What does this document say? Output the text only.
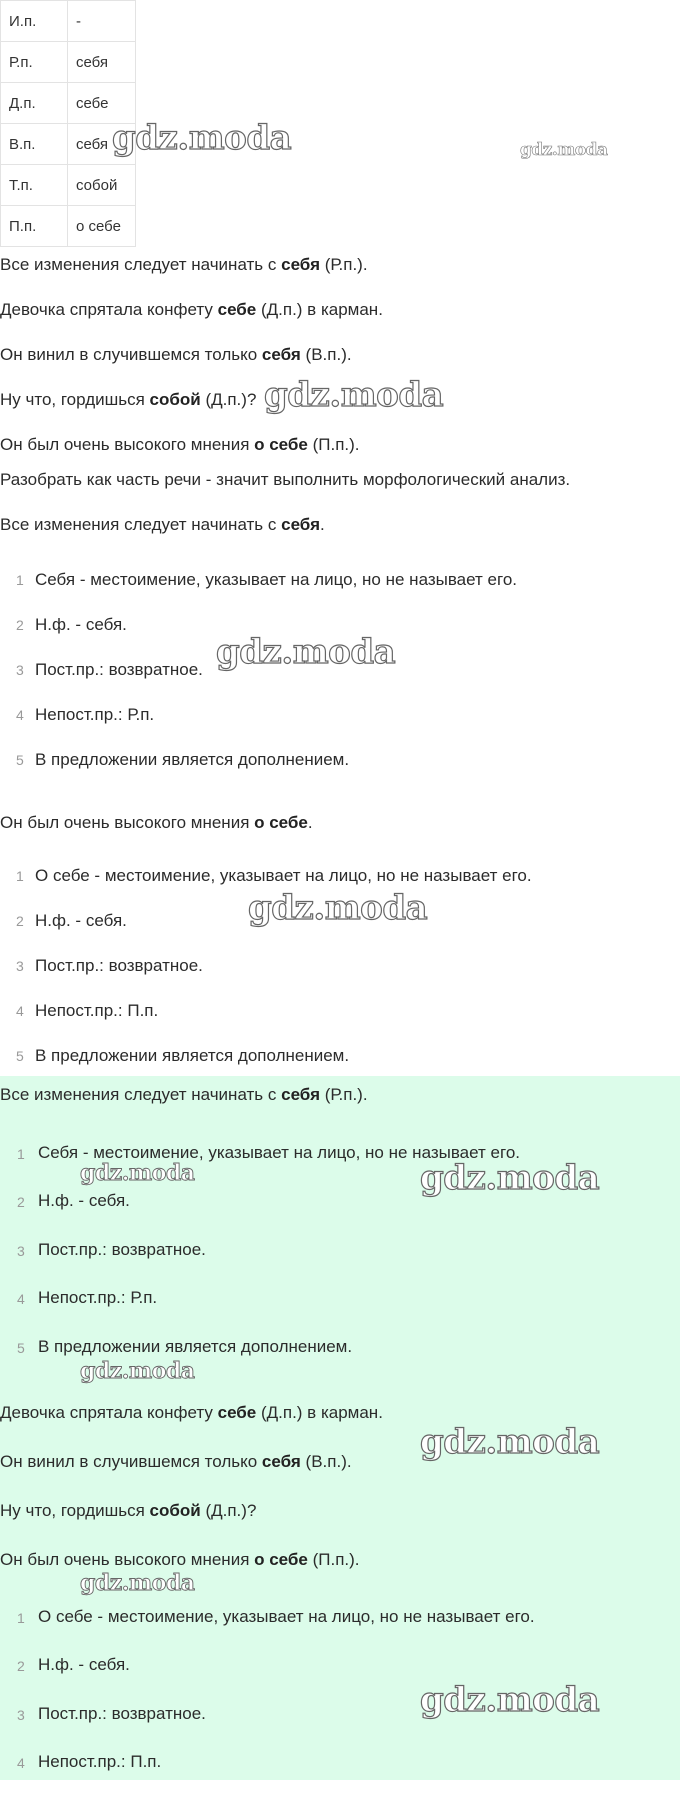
И.п.	-
Р.п.	себя
Д.п.	себе
В.п.	себя
Т.п.	собой
П.п.	о себе
Все изменения следует начинать с себя (Р.п.).
Девочка спрятала конфету себе (Д.п.) в карман.
Он винил в случившемся только себя (В.п.).
Ну что, гордишься собой (Д.п.)?
Он был очень высокого мнения о себе (П.п.).
Разобрать как часть речи - значит выполнить морфологический анализ.
Все изменения следует начинать с себя.
1 Себя - местоимение, указывает на лицо, но не называет его.
2 Н.ф. - себя.
3 Пост.пр.: возвратное.
4 Непост.пр.: Р.п.
5 В предложении является дополнением.
Он был очень высокого мнения о себе.
1 О себе - местоимение, указывает на лицо, но не называет его.
2 Н.ф. - себя.
3 Пост.пр.: возвратное.
4 Непост.пр.: П.п.
5 В предложении является дополнением.
Все изменения следует начинать с себя (Р.п.).
1 Себя - местоимение, указывает на лицо, но не называет его.
2 Н.ф. - себя.
3 Пост.пр.: возвратное.
4 Непост.пр.: Р.п.
5 В предложении является дополнением.
Девочка спрятала конфету себе (Д.п.) в карман.
Он винил в случившемся только себя (В.п.).
Ну что, гордишься собой (Д.п.)?
Он был очень высокого мнения о себе (П.п.).
1 О себе - местоимение, указывает на лицо, но не называет его.
2 Н.ф. - себя.
3 Пост.пр.: возвратное.
4 Непост.пр.: П.п.
gdz.moda	gdz.moda
gdz.moda
gdz.moda
gdz.moda
gdz.moda	gdz.moda
gdz.moda
gdz.moda
gdz.moda
gdz.moda
